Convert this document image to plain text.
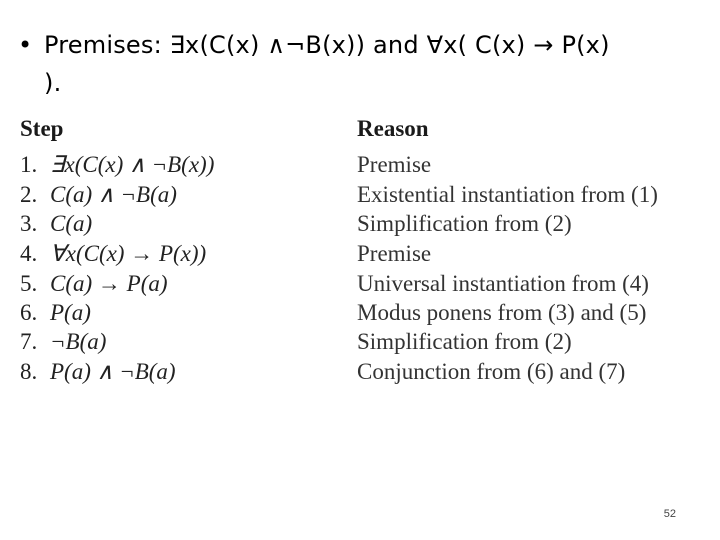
• Premises: ∃x(C(x) ∧¬B(x)) and ∀x( C(x) → P(x)
).
Step	Reason
1. ∃x(C(x) ∧ ¬B(x))	Premise
2. C(a) ∧ ¬B(a)	Existential instantiation from (1)
3. C(a)	Simplification from (2)
4. ∀x(C(x) → P(x))	Premise
5. C(a) → P(a)	Universal instantiation from (4)
6. P(a)	Modus ponens from (3) and (5)
7. ¬B(a)	Simplification from (2)
8. P(a) ∧ ¬B(a)	Conjunction from (6) and (7)
52
